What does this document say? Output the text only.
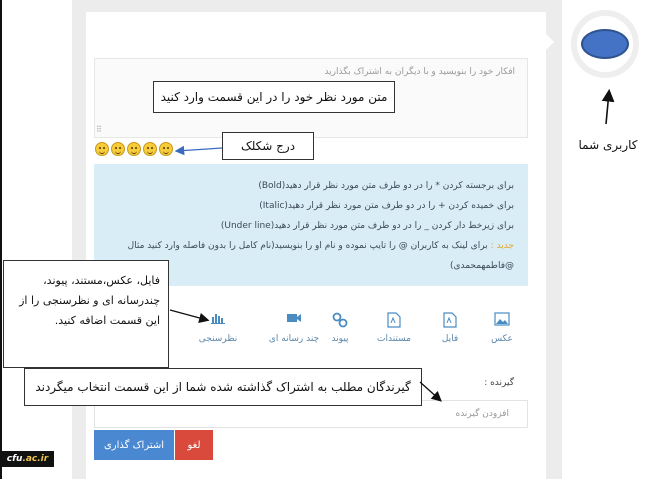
افکار خود را بنویسید و با دیگران به اشتراک بگذارید
⠿
برای برجسته کردن * را در دو طرف متن مورد نظر قرار دهید(Bold)
برای خمیده کردن + را در دو طرف متن مورد نظر قرار دهید(Italic)
برای زیرخط دار کردن _ را در دو طرف متن مورد نظر قرار دهید(Under line)
جدید : برای لینک به کاربران @ را تایپ نموده و نام او را بنویسید(نام کامل را بدون فاصله وارد کنید مثال
@فاطمهمحمدی)
عکس
فایل
مستندات
پیوند
چند رسانه ای
نظرسنجی
گیرنده :
افزودن گیرنده
اشتراک گذاری	لغو
متن مورد نظر خود را در این قسمت وارد کنید
درج شکلک
فایل، عکس،مستند، پیوند، چندرسانه ای و نظرسنجی را از این قسمت اضافه کنید.
گیرندگان مطلب به اشتراک گذاشته شده شما از این قسمت انتخاب میگردند
کاربری شما
cfu .ac.ir
